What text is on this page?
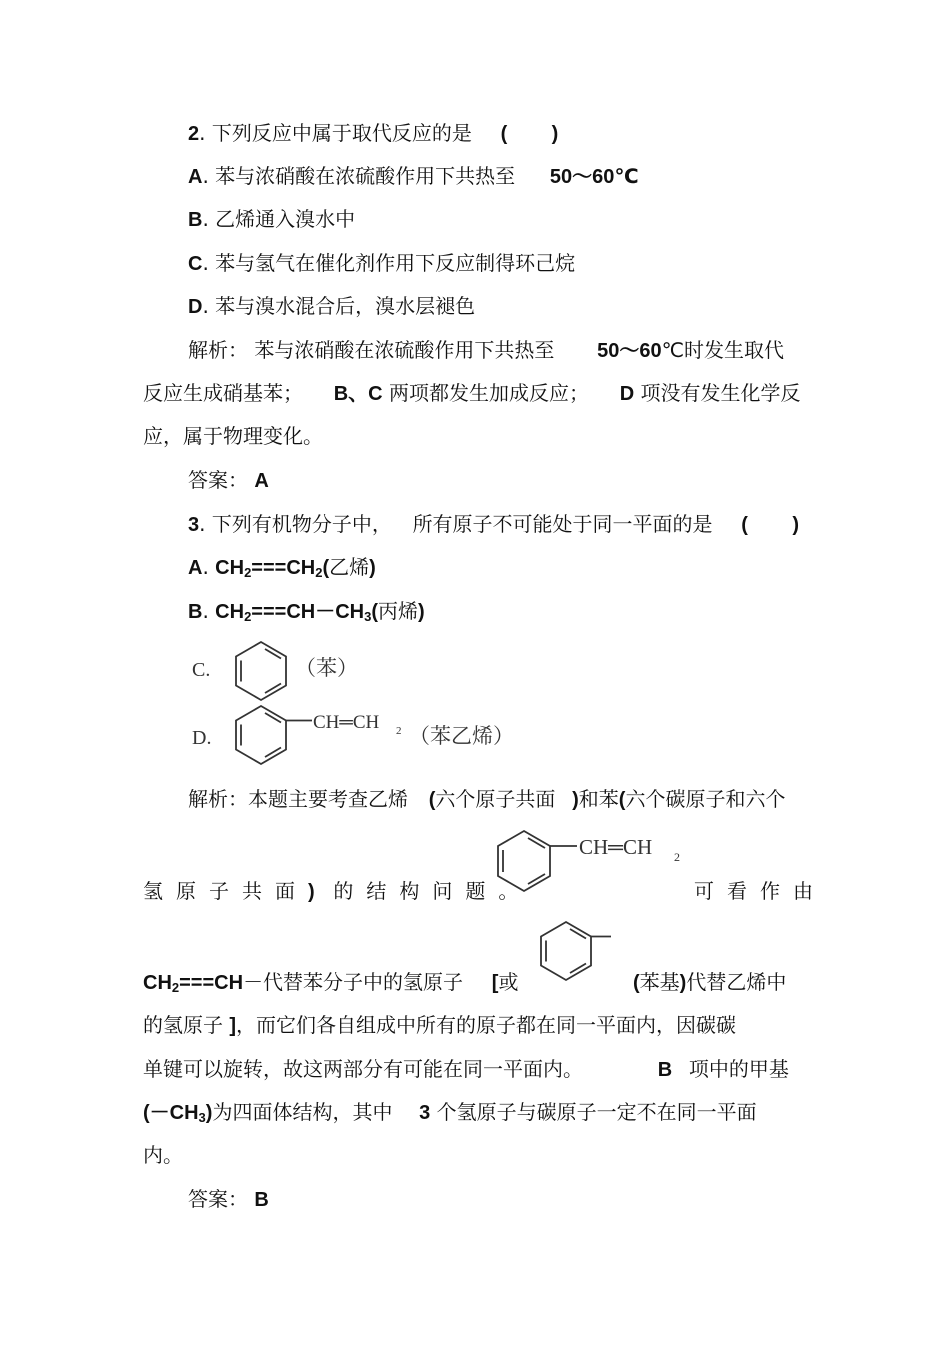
2. 下列反应中属于取代反应的是 (        )
A. 苯与浓硝酸在浓硫酸作用下共热至 50～60℃
B. 乙烯通入溴水中
C. 苯与氢气在催化剂作用下反应制得环己烷
D. 苯与溴水混合后，溴水层褪色
解析： 苯与浓硝酸在浓硫酸作用下共热至 50～60℃时发生取代
反应生成硝基苯； B、C 两项都发生加成反应； D 项没有发生化学反
应，属于物理变化。
答案： A
3. 下列有机物分子中， 所有原子不可能处于同一平面的是 (        )
A. $CH_2===CH_2$(乙烯)
B. $CH_2===CH-CH_3$(丙烯)
C.	（苯）
D.
CH═CH 2 （苯乙烯）
解析：本题主要考查乙烯 (六个原子共面 )和苯(六个碳原子和六个
CH═CH 2
氢原子共面) 的结构问题。	可看作由
$CH_2===CH-$代替苯分子中的氢原子 [或	(苯基)代替乙烯中
的氢原子 ]，而它们各自组成中所有的原子都在同一平面内，因碳碳
单键可以旋转，故这两部分有可能在同一平面内。	B 项中的甲基
$(-CH_3)$为四面体结构，其中 3 个氢原子与碳原子一定不在同一平面
内。
答案： B
